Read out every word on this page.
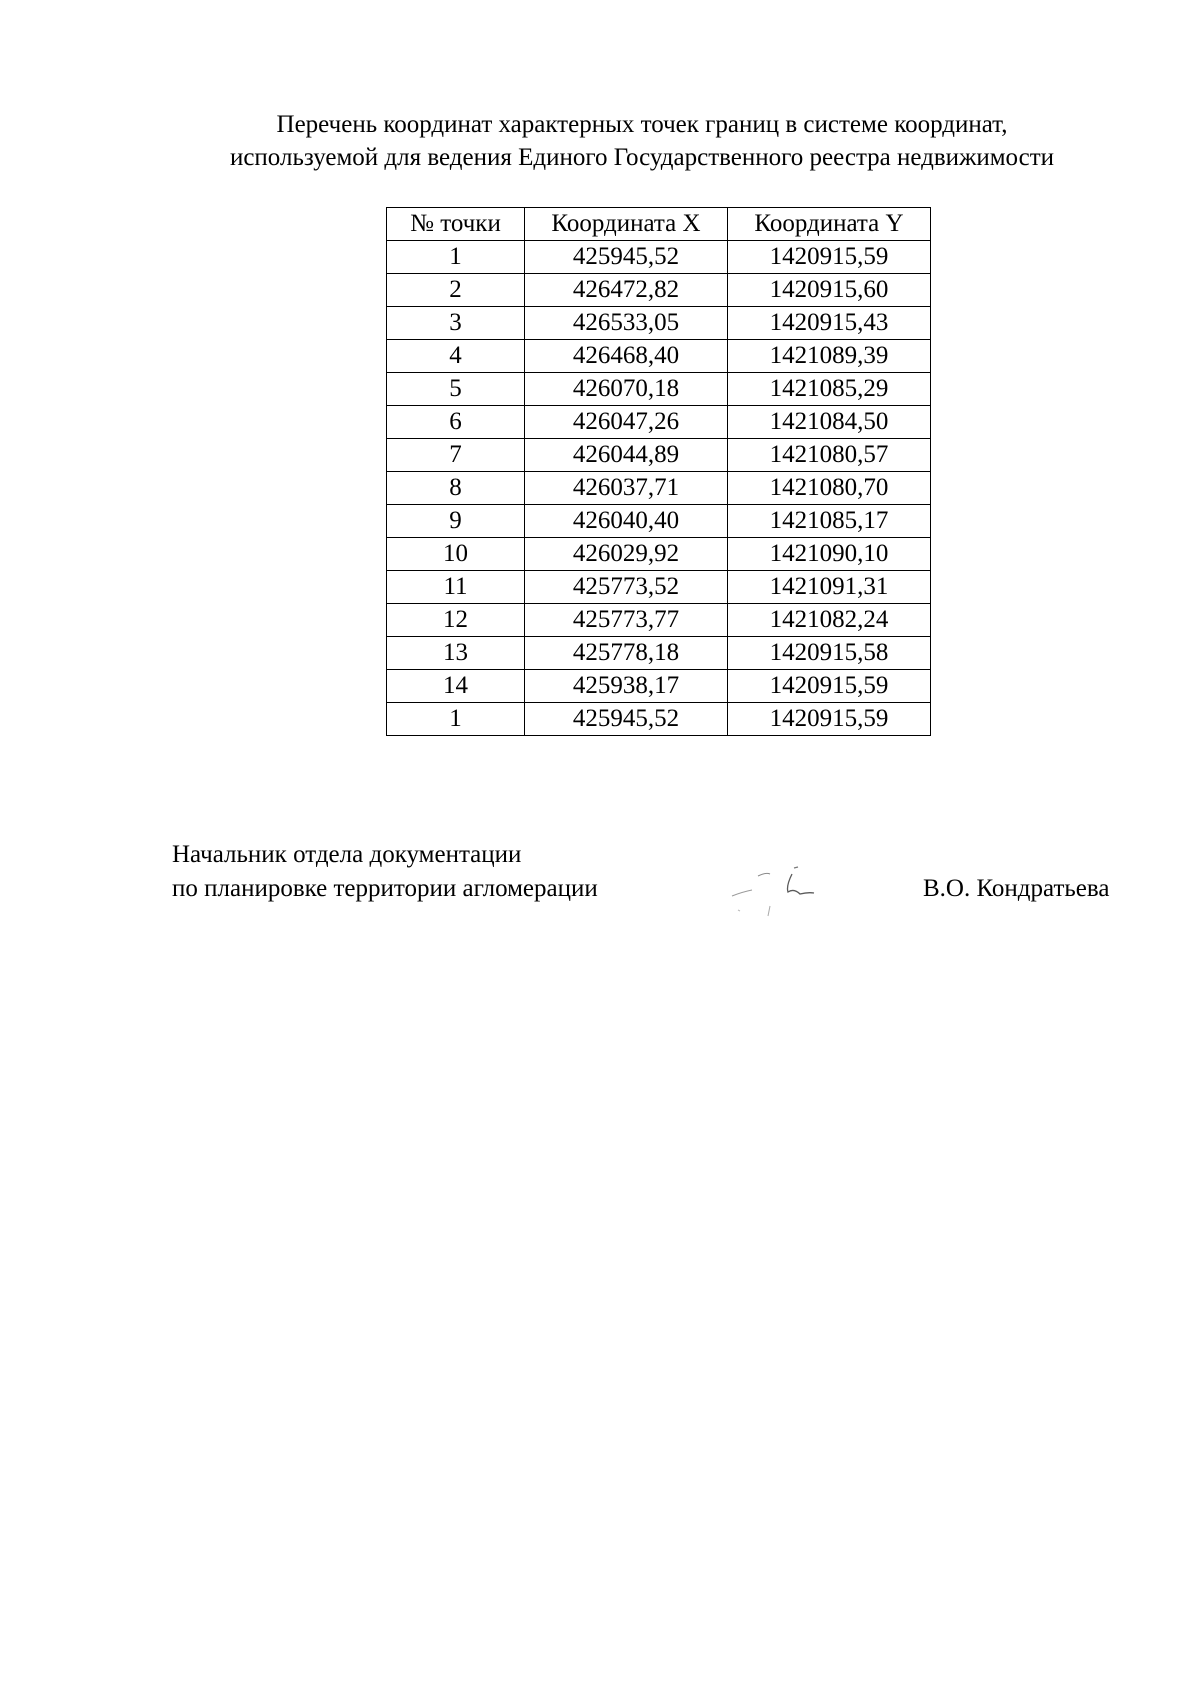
Перечень координат характерных точек границ в системе координат,
используемой для ведения Единого Государственного реестра недвижимости
№ точки	Координата X	Координата Y
1	425945,52	1420915,59
2	426472,82	1420915,60
3	426533,05	1420915,43
4	426468,40	1421089,39
5	426070,18	1421085,29
6	426047,26	1421084,50
7	426044,89	1421080,57
8	426037,71	1421080,70
9	426040,40	1421085,17
10	426029,92	1421090,10
11	425773,52	1421091,31
12	425773,77	1421082,24
13	425778,18	1420915,58
14	425938,17	1420915,59
1	425945,52	1420915,59
Начальник отдела документации
по планировке территории агломерации	В.О. Кондратьева
